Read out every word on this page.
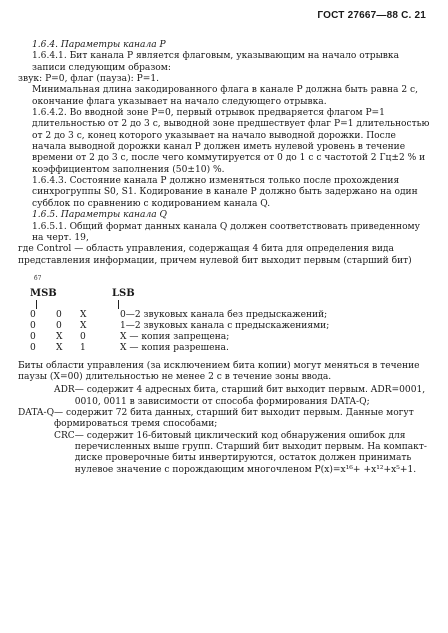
ГОСТ 27667—88 С. 21

1.6.4. Параметры канала P

1.6.4.1. Бит канала P является флаговым, указывающим на начало отрывка записи следующим образом:

звук: P=0, флаг (пауза): P=1.

Минимальная длина закодированного флага в канале P должна быть равна 2 с, окончание флага указывает на начало следующего отрывка.

1.6.4.2. Во вводной зоне P=0, первый отрывок предваряется флагом P=1 длительностью от 2 до 3 с, выводной зоне предшествует флаг P=1 длительностью от 2 до 3 с, конец которого указывает на начало выводной дорожки. После начала выводной дорожки канал P должен иметь нулевой уровень в течение времени от 2 до 3 с, после чего коммутируется от 0 до 1 с с частотой 2 Гц±2 % и коэффициентом заполнения (50±10) %.

1.6.4.3. Состояние канала P должно изменяться только после прохождения синхрогруппы S0, S1. Кодирование в канале P должно быть задержано на один субблок по сравнению с кодированием канала Q.

1.6.5. Параметры канала Q

1.6.5.1. Общий формат данных канала Q должен соответствовать приведенному на черт. 19,

где Control — область управления, содержащая 4 бита для определения вида представления информации, причем нулевой бит выходит первым (старший бит)

б7
MSB	LSB
0	0	X	0—2 звуковых канала без предыскажений;
0	0	X	1—2 звуковых канала с предыскажениями;
0	X	0	X — копия запрещена;
0	X	1	X — копия разрешена.

Биты области управления (за исключением бита копии) могут меняться в течение паузы (X=00) длительностью не менее 2 с в течение зоны ввода.

ADR — содержит 4 адресных бита, старший бит выходит первым. ADR=0001, 0010, 0011 в зависимости от способа формирования DATA-Q;
DATA-Q — содержит 72 бита данных, старший бит выходит первым. Данные могут формироваться тремя способами;
CRC — содержит 16-битовый циклический код обнаружения ошибок для перечисленных выше групп. Старший бит выходит первым. На компакт-диске проверочные биты инвертируются, остаток должен принимать нулевое значение с порождающим многочленом P(x)=x¹⁶+ +x¹²+x⁵+1.
